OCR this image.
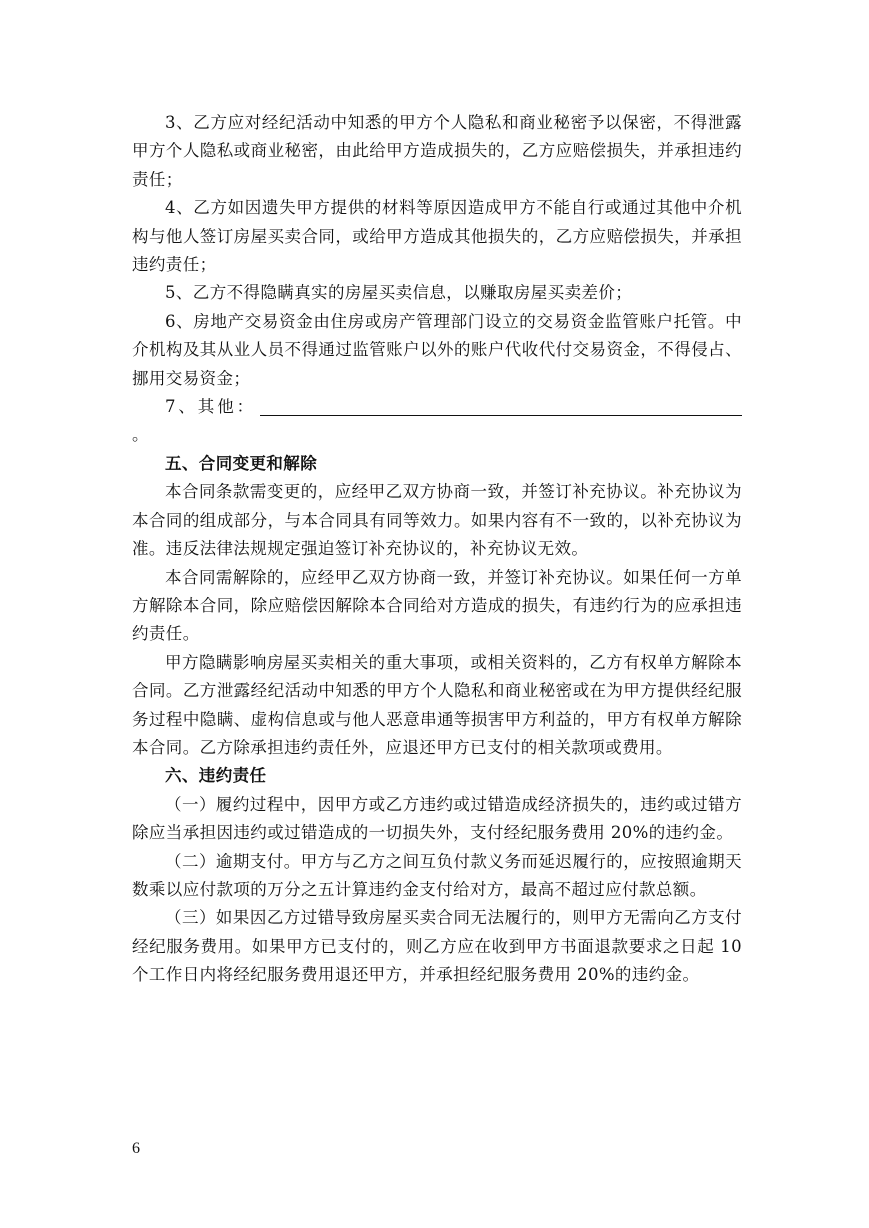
3、乙方应对经纪活动中知悉的甲方个人隐私和商业秘密予以保密，不得泄露甲方个人隐私或商业秘密，由此给甲方造成损失的，乙方应赔偿损失，并承担违约责任；

4、乙方如因遗失甲方提供的材料等原因造成甲方不能自行或通过其他中介机构与他人签订房屋买卖合同，或给甲方造成其他损失的，乙方应赔偿损失，并承担违约责任；

5、乙方不得隐瞒真实的房屋买卖信息，以赚取房屋买卖差价；

6、房地产交易资金由住房或房产管理部门设立的交易资金监管账户托管。中介机构及其从业人员不得通过监管账户以外的账户代收代付交易资金，不得侵占、挪用交易资金；

7、其他：。

五、合同变更和解除

本合同条款需变更的，应经甲乙双方协商一致，并签订补充协议。补充协议为本合同的组成部分，与本合同具有同等效力。如果内容有不一致的，以补充协议为准。违反法律法规规定强迫签订补充协议的，补充协议无效。

本合同需解除的，应经甲乙双方协商一致，并签订补充协议。如果任何一方单方解除本合同，除应赔偿因解除本合同给对方造成的损失，有违约行为的应承担违约责任。

甲方隐瞒影响房屋买卖相关的重大事项，或相关资料的，乙方有权单方解除本合同。乙方泄露经纪活动中知悉的甲方个人隐私和商业秘密或在为甲方提供经纪服务过程中隐瞒、虚构信息或与他人恶意串通等损害甲方利益的，甲方有权单方解除本合同。乙方除承担违约责任外，应退还甲方已支付的相关款项或费用。

六、违约责任

（一）履约过程中，因甲方或乙方违约或过错造成经济损失的，违约或过错方除应当承担因违约或过错造成的一切损失外，支付经纪服务费用 20%的违约金。

（二）逾期支付。甲方与乙方之间互负付款义务而延迟履行的，应按照逾期天数乘以应付款项的万分之五计算违约金支付给对方，最高不超过应付款总额。

（三）如果因乙方过错导致房屋买卖合同无法履行的，则甲方无需向乙方支付经纪服务费用。如果甲方已支付的，则乙方应在收到甲方书面退款要求之日起 10 个工作日内将经纪服务费用退还甲方，并承担经纪服务费用 20%的违约金。

6
